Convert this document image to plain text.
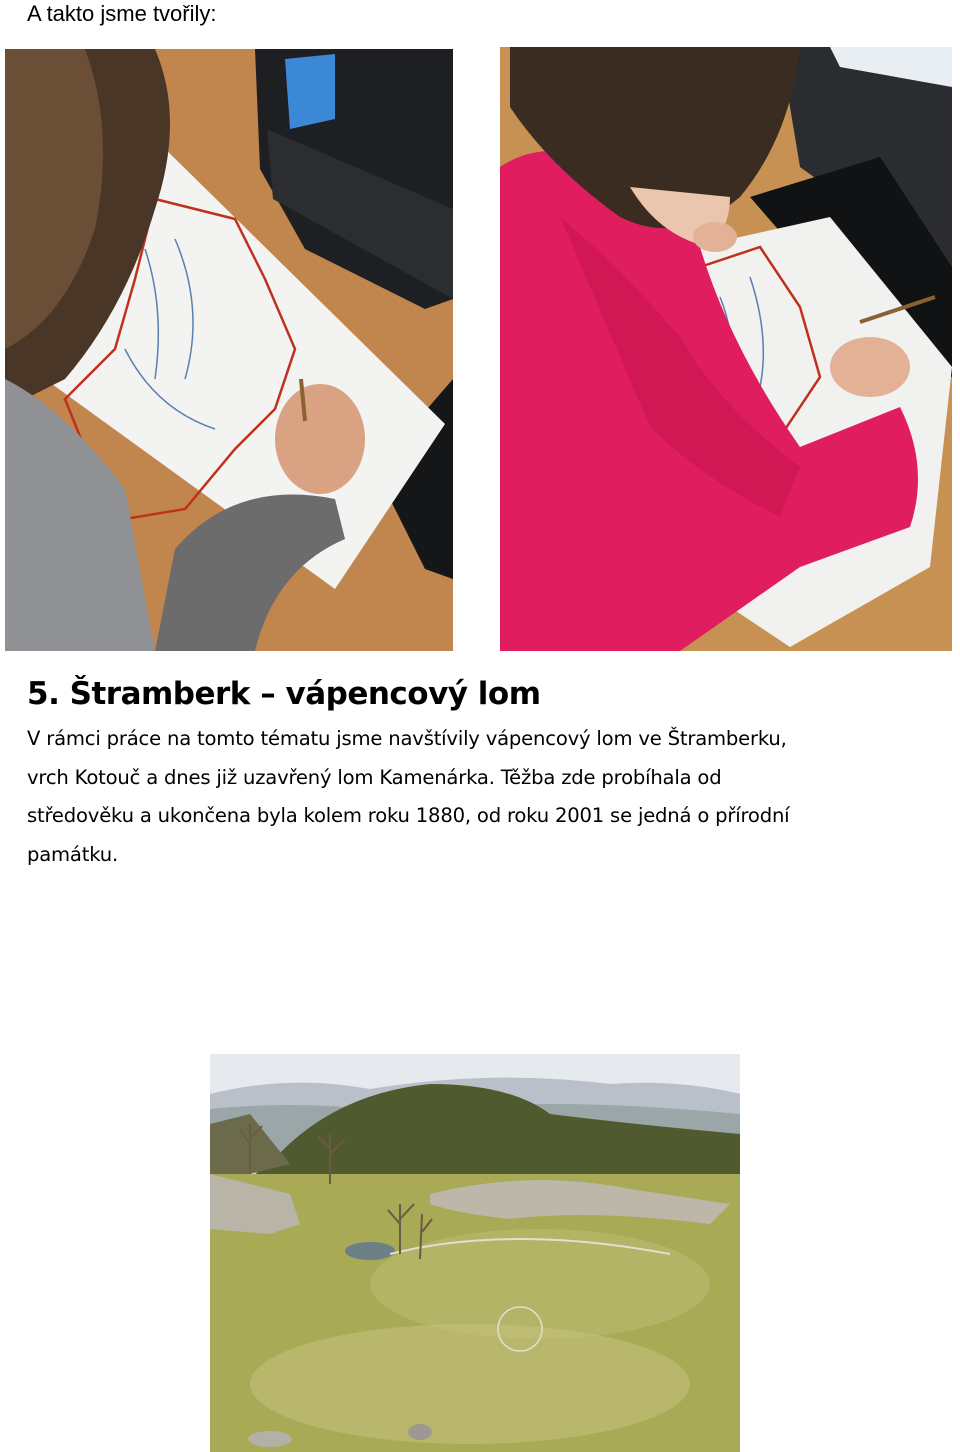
A takto jsme tvořily:
5. Štramberk – vápencový lom

V rámci práce na tomto tématu jsme navštívily vápencový lom ve Štramberku,
vrch Kotouč a dnes již uzavřený lom Kamenárka. Těžba zde probíhala od
středověku a ukončena byla kolem roku 1880, od roku 2001 se jedná o přírodní
památku.
